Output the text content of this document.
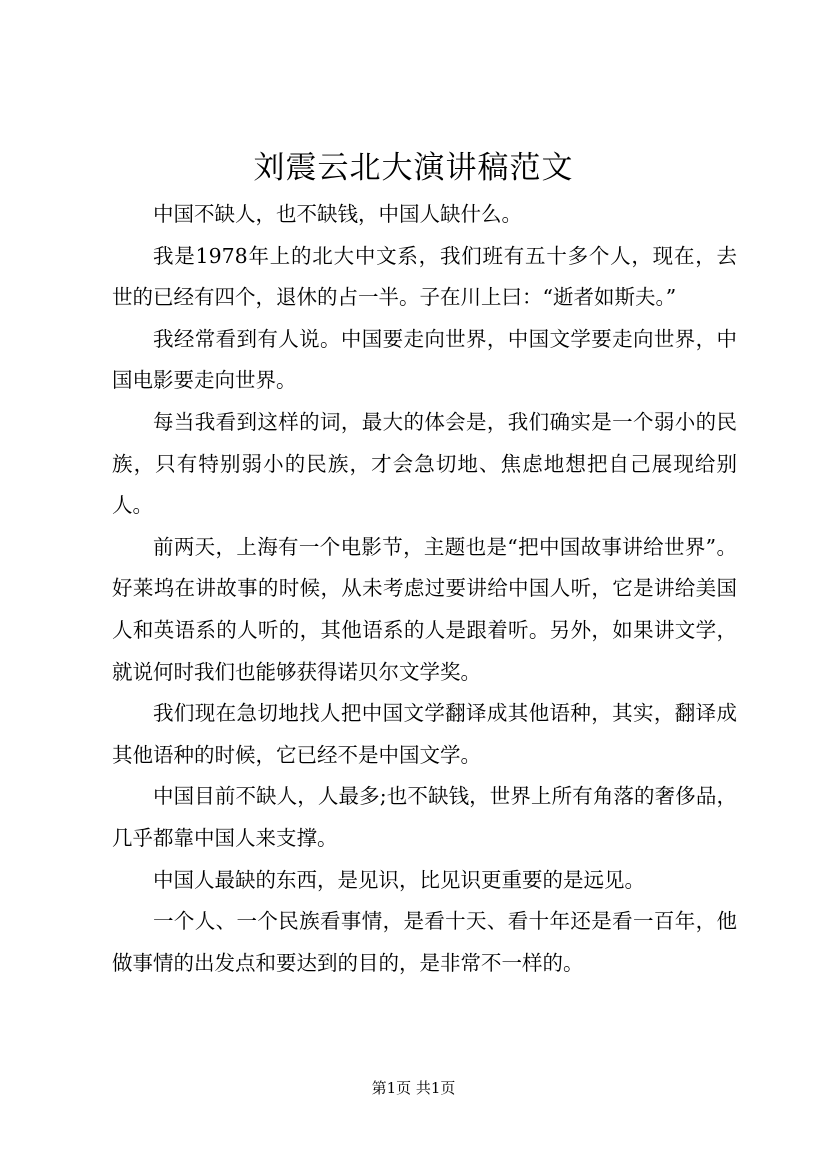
刘震云北大演讲稿范文

中国不缺人，也不缺钱，中国人缺什么。

我是1978年上的北大中文系，我们班有五十多个人，现在，去世的已经有四个，退休的占一半。子在川上曰：“逝者如斯夫。”

我经常看到有人说。中国要走向世界，中国文学要走向世界，中国电影要走向世界。

每当我看到这样的词，最大的体会是，我们确实是一个弱小的民族，只有特别弱小的民族，才会急切地、焦虑地想把自己展现给别人。

前两天，上海有一个电影节，主题也是“把中国故事讲给世界”。好莱坞在讲故事的时候，从未考虑过要讲给中国人听，它是讲给美国人和英语系的人听的，其他语系的人是跟着听。另外，如果讲文学，就说何时我们也能够获得诺贝尔文学奖。

我们现在急切地找人把中国文学翻译成其他语种，其实，翻译成其他语种的时候，它已经不是中国文学。

中国目前不缺人，人最多;也不缺钱，世界上所有角落的奢侈品，几乎都靠中国人来支撑。

中国人最缺的东西，是见识，比见识更重要的是远见。

一个人、一个民族看事情，是看十天、看十年还是看一百年，他做事情的出发点和要达到的目的，是非常不一样的。

第1页 共1页
